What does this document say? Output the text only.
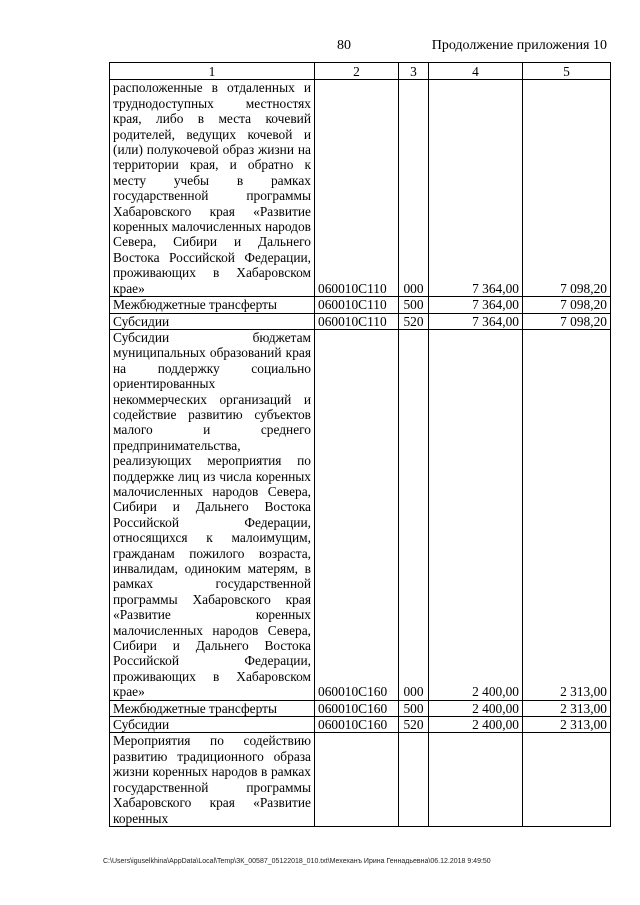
80	Продолжение приложения 10
1	2	3	4	5
расположенные в отдаленных и труднодоступных местностях края, либо в места кочевий родителей, ведущих кочевой и (или) полукочевой образ жизни на территории края, и обратно к месту учебы в рамках государственной программы Хабаровского края «Развитие коренных малочисленных народов Севера, Сибири и Дальнего Востока Российской Федерации, проживающих в Хабаровском крае»	060010С110	000	7 364,00	7 098,20
Межбюджетные трансферты	060010С110	500	7 364,00	7 098,20
Субсидии	060010С110	520	7 364,00	7 098,20
Субсидии бюджетам муниципальных образований края на поддержку социально ориентированных некоммерческих организаций и содействие развитию субъектов малого и среднего предпринимательства, реализующих мероприятия по поддержке лиц из числа коренных малочисленных народов Севера, Сибири и Дальнего Востока Российской Федерации, относящихся к малоимущим, гражданам пожилого возраста, инвалидам, одиноким матерям, в рамках государственной программы Хабаровского края «Развитие коренных малочисленных народов Севера, Сибири и Дальнего Востока Российской Федерации, проживающих в Хабаровском крае»	060010С160	000	2 400,00	2 313,00
Межбюджетные трансферты	060010С160	500	2 400,00	2 313,00
Субсидии	060010С160	520	2 400,00	2 313,00
Мероприятия по содействию развитию традиционного образа жизни коренных народов в рамках государственной программы Хабаровского края «Развитие коренных				
C:\Users\iguselkhina\AppData\Local\Temp\ЗК_00587_05122018_010.txt\Мехеханъ Ирина Геннадьевна\06.12.2018 9:49:50
